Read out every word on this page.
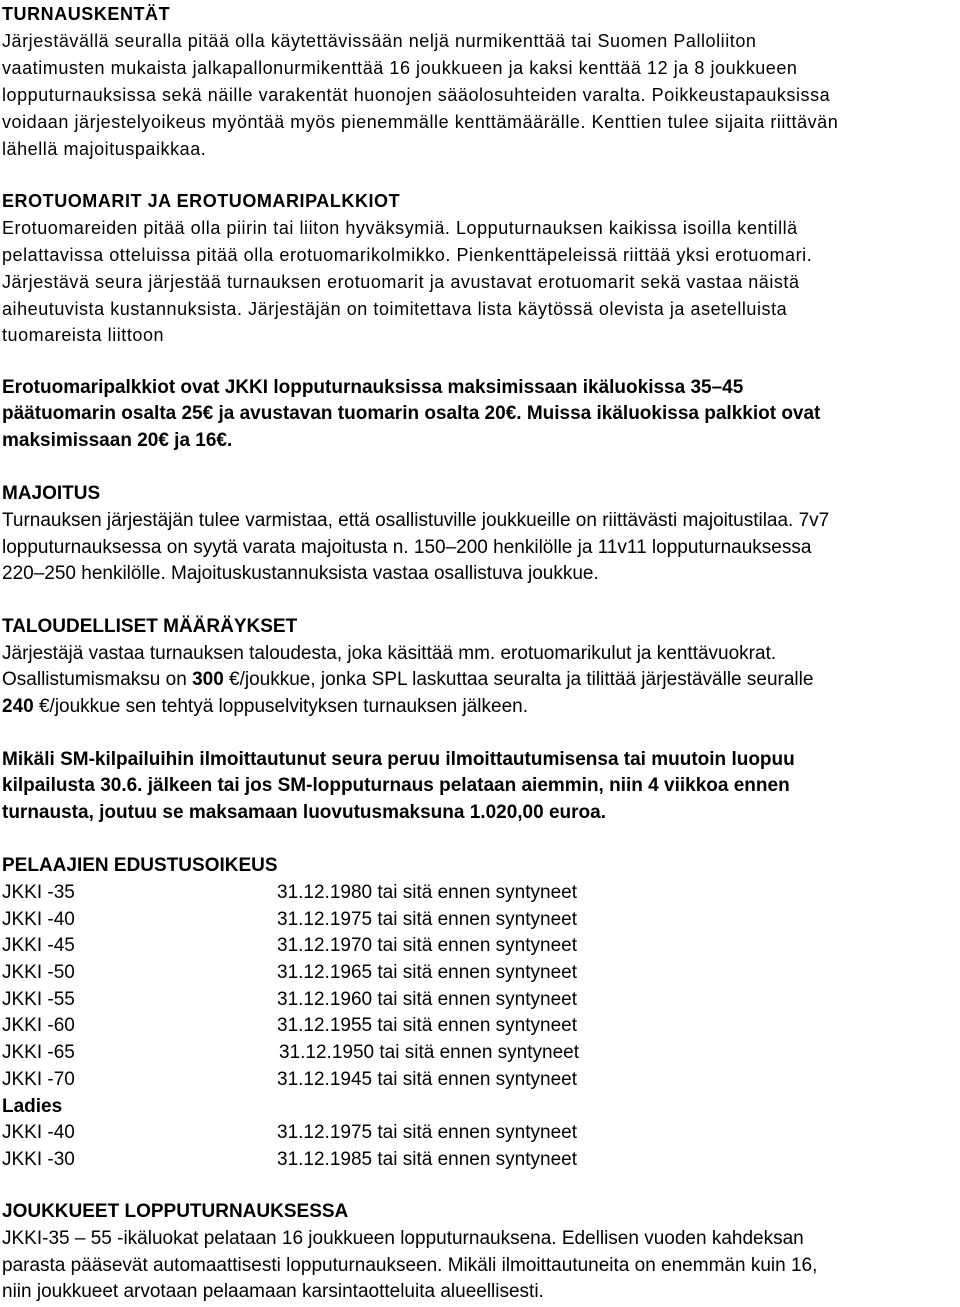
TURNAUSKENTÄT

Järjestävällä seuralla pitää olla käytettävissään neljä nurmikenttää tai Suomen Palloliiton

vaatimusten mukaista jalkapallonurmikenttää 16 joukkueen ja kaksi kenttää 12 ja 8 joukkueen

lopputurnauksissa sekä näille varakentät huonojen sääolosuhteiden varalta. Poikkeustapauksissa

voidaan järjestelyoikeus myöntää myös pienemmälle kenttämäärälle. Kenttien tulee sijaita riittävän

lähellä majoituspaikkaa.

EROTUOMARIT JA EROTUOMARIPALKKIOT

Erotuomareiden pitää olla piirin tai liiton hyväksymiä. Lopputurnauksen kaikissa isoilla kentillä

pelattavissa otteluissa pitää olla erotuomarikolmikko. Pienkenttäpeleissä riittää yksi erotuomari.

Järjestävä seura järjestää turnauksen erotuomarit ja avustavat erotuomarit sekä vastaa näistä

aiheutuvista kustannuksista. Järjestäjän on toimitettava lista käytössä olevista ja asetelluista

tuomareista liittoon

Erotuomaripalkkiot ovat JKKI lopputurnauksissa maksimissaan ikäluokissa 35–45

päätuomarin osalta 25€ ja avustavan tuomarin osalta 20€. Muissa ikäluokissa palkkiot ovat

maksimissaan 20€ ja 16€.

MAJOITUS

Turnauksen järjestäjän tulee varmistaa, että osallistuville joukkueille on riittävästi majoitustilaa. 7v7

lopputurnauksessa on syytä varata majoitusta n. 150–200 henkilölle ja 11v11 lopputurnauksessa

220–250 henkilölle. Majoituskustannuksista vastaa osallistuva joukkue.

TALOUDELLISET MÄÄRÄYKSET

Järjestäjä vastaa turnauksen taloudesta, joka käsittää mm. erotuomarikulut ja kenttävuokrat.

Osallistumismaksu on 300 €/joukkue, jonka SPL laskuttaa seuralta ja tilittää järjestävälle seuralle

240 €/joukkue sen tehtyä loppuselvityksen turnauksen jälkeen.

Mikäli SM-kilpailuihin ilmoittautunut seura peruu ilmoittautumisensa tai muutoin luopuu

kilpailusta 30.6. jälkeen tai jos SM-lopputurnaus pelataan aiemmin, niin 4 viikkoa ennen

turnausta, joutuu se maksamaan luovutusmaksuna 1.020,00 euroa.

PELAAJIEN EDUSTUSOIKEUS

JKKI -35	31.12.1980 tai sitä ennen syntyneet

JKKI -40	31.12.1975 tai sitä ennen syntyneet

JKKI -45	31.12.1970 tai sitä ennen syntyneet

JKKI -50	31.12.1965 tai sitä ennen syntyneet

JKKI -55	31.12.1960 tai sitä ennen syntyneet

JKKI -60	31.12.1955 tai sitä ennen syntyneet

JKKI -65	31.12.1950 tai sitä ennen syntyneet

JKKI -70	31.12.1945 tai sitä ennen syntyneet

Ladies

JKKI -40	31.12.1975 tai sitä ennen syntyneet

JKKI -30	31.12.1985 tai sitä ennen syntyneet

JOUKKUEET LOPPUTURNAUKSESSA

JKKI-35 – 55 -ikäluokat pelataan 16 joukkueen lopputurnauksena. Edellisen vuoden kahdeksan

parasta pääsevät automaattisesti lopputurnaukseen. Mikäli ilmoittautuneita on enemmän kuin 16,

niin joukkueet arvotaan pelaamaan karsintaotteluita alueellisesti.
